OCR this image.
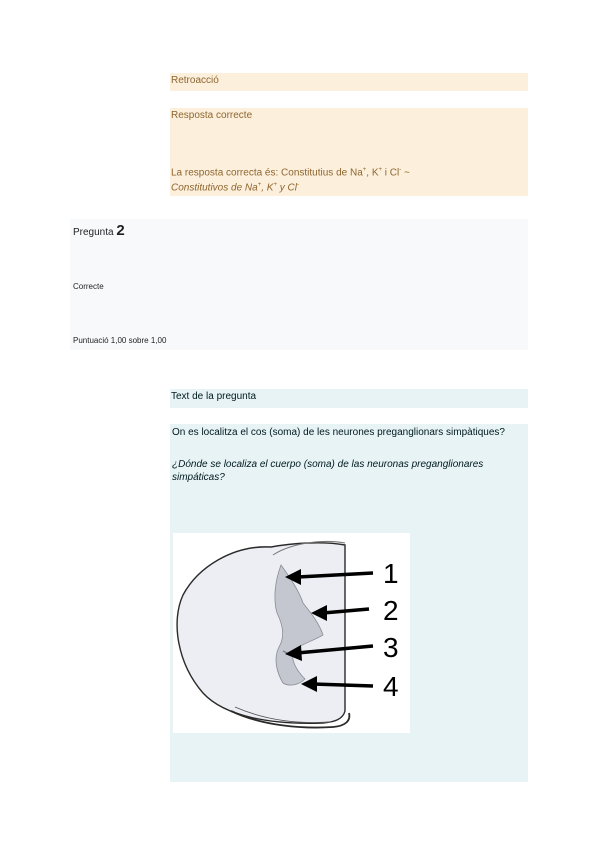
Retroacció
Resposta correcte
La resposta correcta és: Constitutius de Na+, K+ i Cl- ~
Constitutivos de Na+, K+ y Cl-
Pregunta 2
Correcte
Puntuació 1,00 sobre 1,00
Text de la pregunta
On es localitza el cos (soma) de les neurones preganglionars simpàtiques?
¿Dónde se localiza el cuerpo (soma) de las neuronas preganglionares simpáticas?
1
2
3
4
